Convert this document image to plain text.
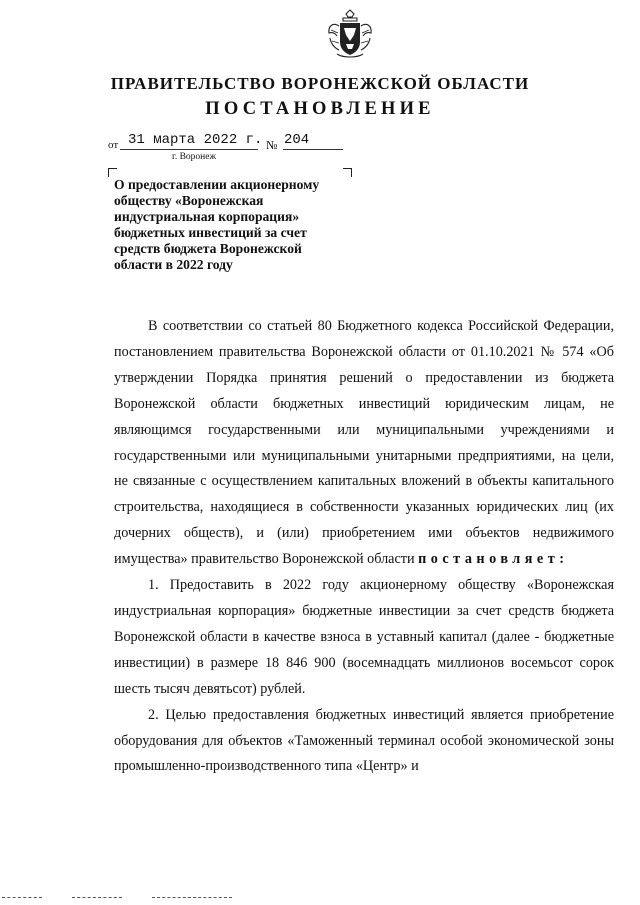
ПРАВИТЕЛЬСТВО ВОРОНЕЖСКОЙ ОБЛАСТИ
ПОСТАНОВЛЕНИЕ
от 31 марта 2022 г. № 204
г. Воронеж
О предоставлении акционерному
обществу «Воронежская
индустриальная корпорация»
бюджетных инвестиций за счет
средств бюджета Воронежской
области в 2022 году

В соответствии со статьей 80 Бюджетного кодекса Российской Федерации, постановлением правительства Воронежской области от 01.10.2021 № 574 «Об утверждении Порядка принятия решений о предоставлении из бюджета Воронежской области бюджетных инвестиций юридическим лицам, не являющимся государственными или муниципальными учреждениями и государственными или муниципальными унитарными предприятиями, на цели, не связанные с осуществлением капитальных вложений в объекты капитального строительства, находящиеся в собственности указанных юридических лиц (их дочерних обществ), и (или) приобретением ими объектов недвижимого имущества» правительство Воронежской области постановляет:

1. Предоставить в 2022 году акционерному обществу «Воронежская индустриальная корпорация» бюджетные инвестиции за счет средств бюджета Воронежской области в качестве взноса в уставный капитал (далее - бюджетные инвестиции) в размере 18 846 900 (восемнадцать миллионов восемьсот сорок шесть тысяч девятьсот) рублей.

2. Целью предоставления бюджетных инвестиций является приобретение оборудования для объектов «Таможенный терминал особой экономической зоны промышленно-производственного типа «Центр» и
